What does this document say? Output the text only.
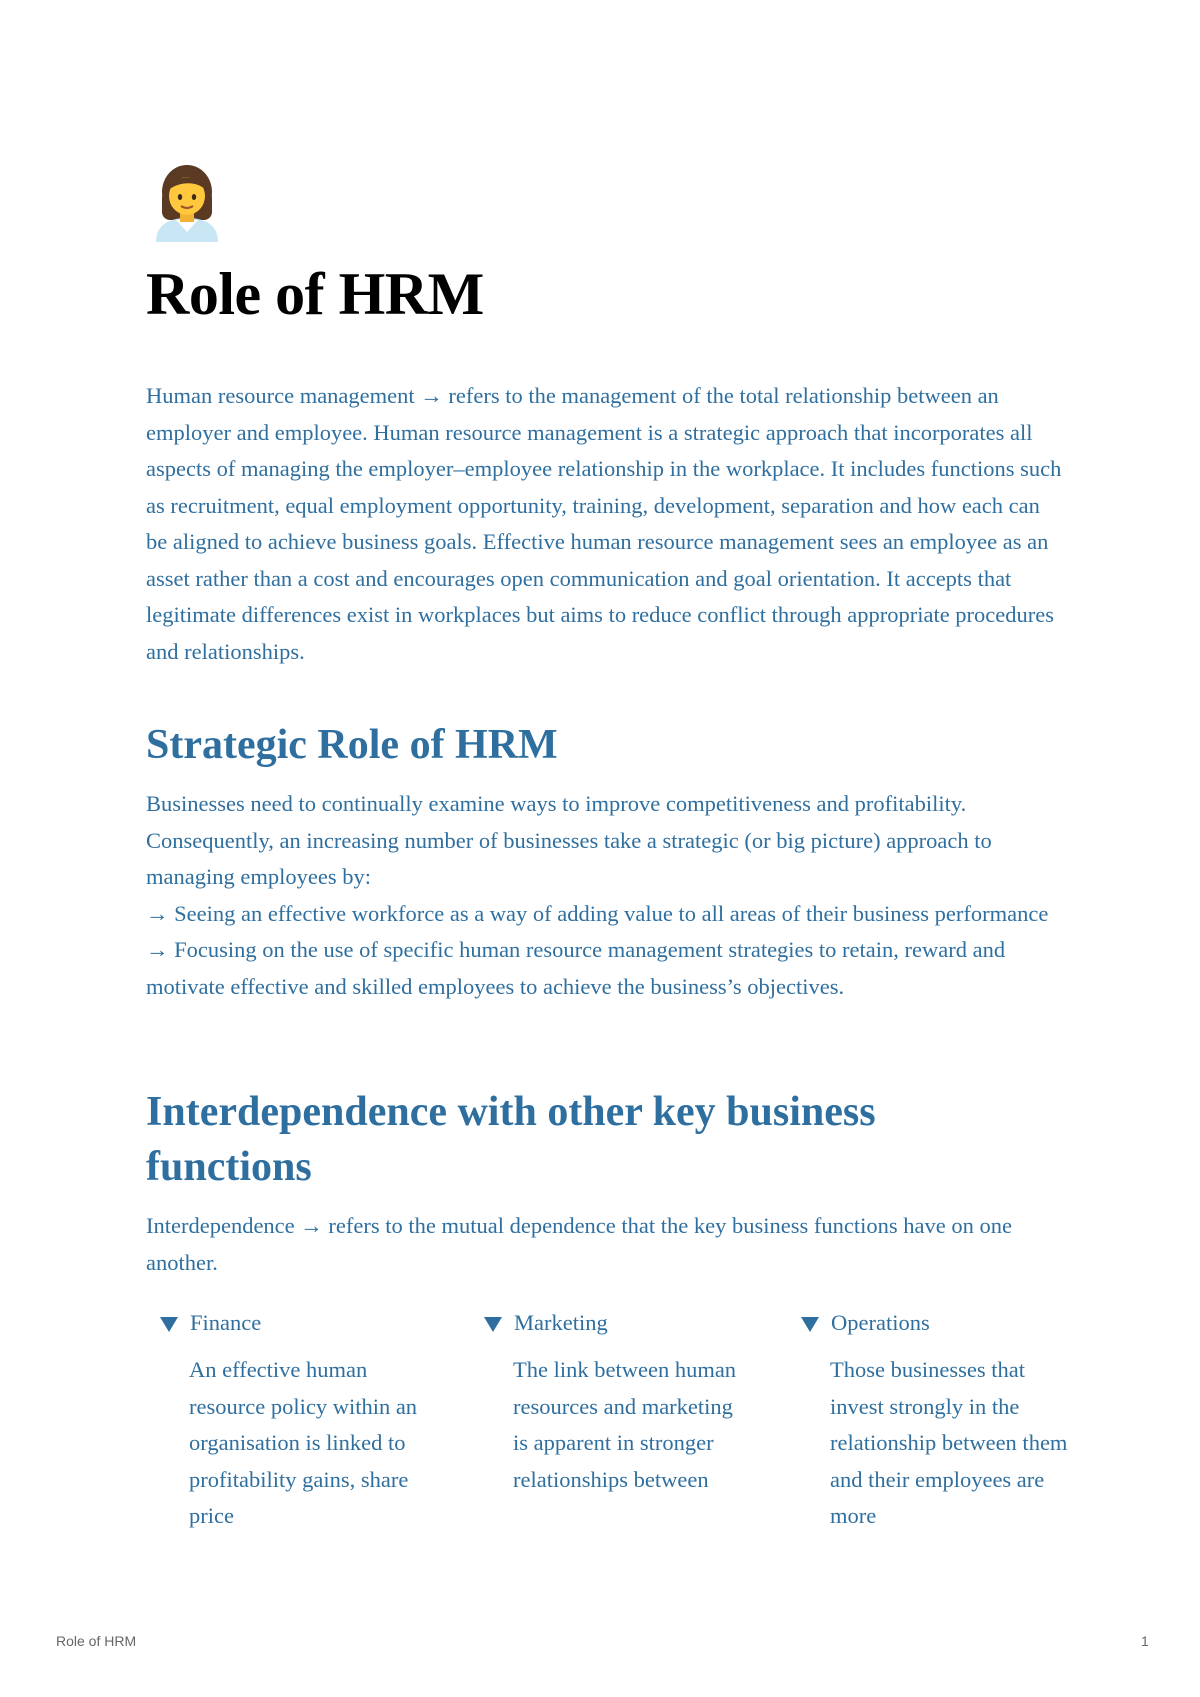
Role of HRM

Human resource management → refers to the management of the total relationship between an employer and employee. Human resource management is a strategic approach that incorporates all aspects of managing the employer–employee relationship in the workplace. It includes functions such as recruitment, equal employment opportunity, training, development, separation and how each can be aligned to achieve business goals. Effective human resource management sees an employee as an asset rather than a cost and encourages open communication and goal orientation. It accepts that legitimate differences exist in workplaces but aims to reduce conflict through appropriate procedures and relationships.

Strategic Role of HRM
Businesses need to continually examine ways to improve competitiveness and profitability. Consequently, an increasing number of businesses take a strategic (or big picture) approach to managing employees by:
→ Seeing an effective workforce as a way of adding value to all areas of their business performance
→ Focusing on the use of specific human resource management strategies to retain, reward and motivate effective and skilled employees to achieve the business’s objectives.
Interdependence with other key business functions

Interdependence → refers to the mutual dependence that the key business functions have on one another.

Finance
An effective human resource policy within an organisation is linked to profitability gains, share price
Marketing
The link between human resources and marketing is apparent in stronger relationships between
Operations
Those businesses that invest strongly in the relationship between them and their employees are more
Role of HRM	1
